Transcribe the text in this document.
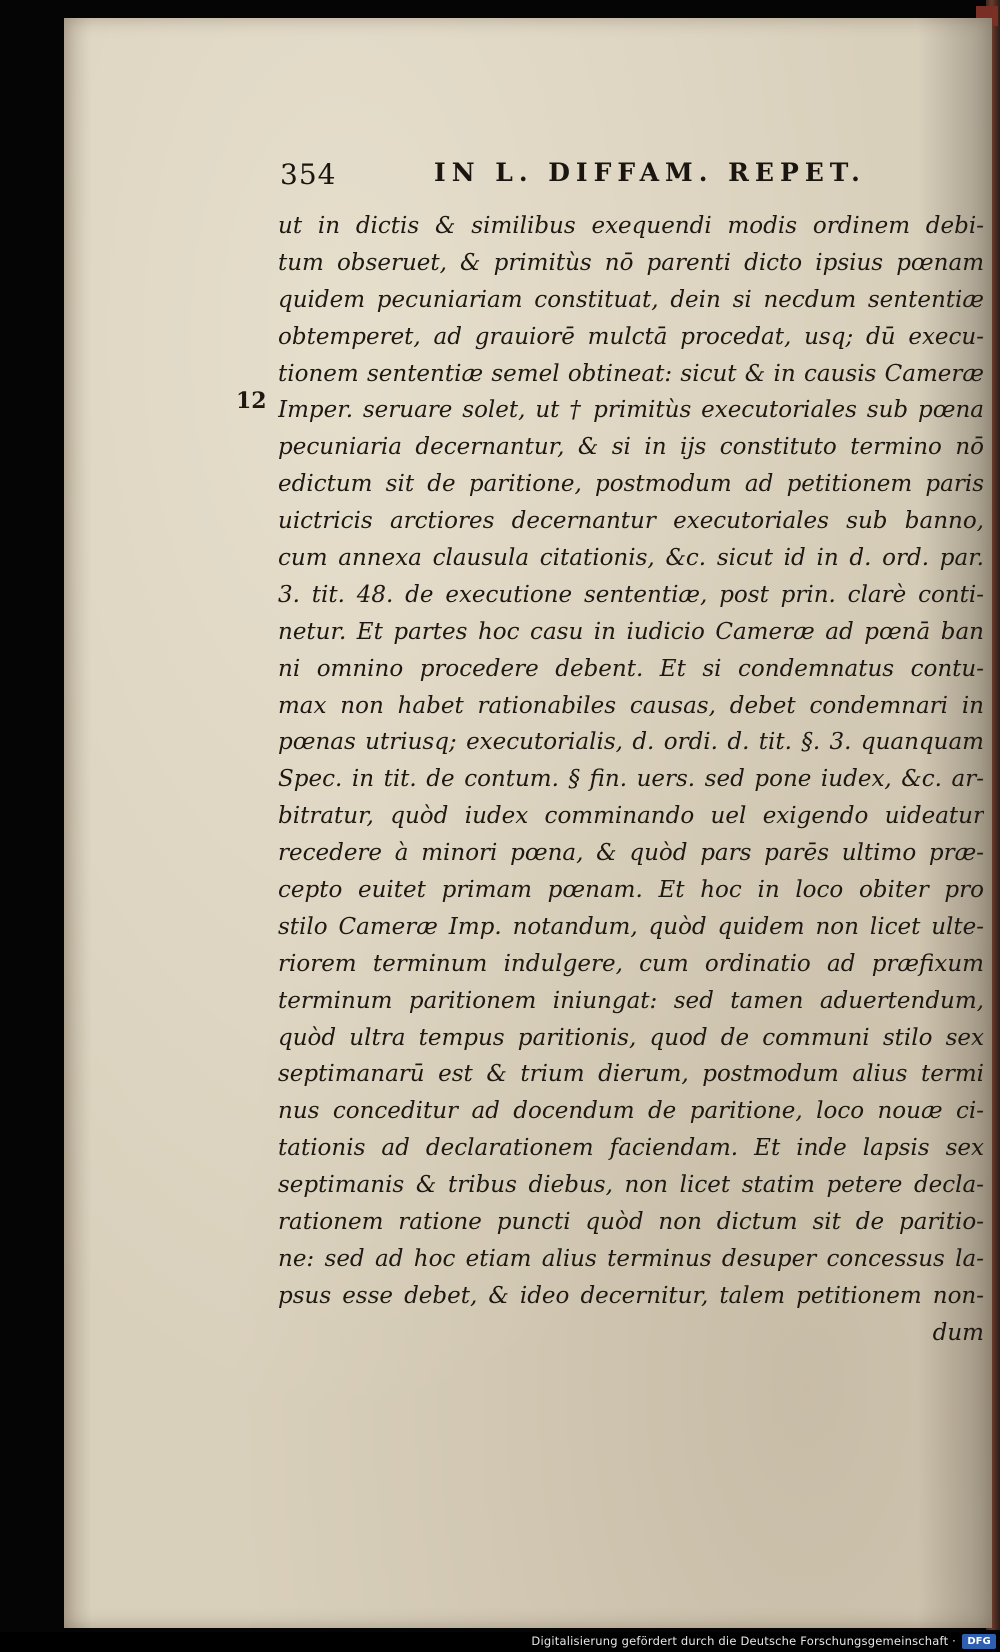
354	IN L. DIFFAM. REPET.
12
ut in dictis & similibus exequendi modis ordinem debi-
tum obseruet, & primitùs nō parenti dicto ipsius pœnam
quidem pecuniariam constituat, dein si necdum sententiæ
obtemperet, ad grauiorē mulctā procedat, usq; dū execu-
tionem sententiæ semel obtineat: sicut & in causis Cameræ
Imper. seruare solet, ut † primitùs executoriales sub pœna
pecuniaria decernantur, & si in ijs constituto termino nō
edictum sit de paritione, postmodum ad petitionem paris
uictricis arctiores decernantur executoriales sub banno,
cum annexa clausula citationis, &c. sicut id in d. ord. par.
3. tit. 48. de executione sententiæ, post prin. clarè conti-
netur. Et partes hoc casu in iudicio Cameræ ad pœnā ban
ni omnino procedere debent. Et si condemnatus contu-
max non habet rationabiles causas, debet condemnari in
pœnas utriusq; executorialis, d. ordi. d. tit. §. 3. quanquam
Spec. in tit. de contum. § fin. uers. sed pone iudex, &c. ar-
bitratur, quòd iudex comminando uel exigendo uideatur
recedere à minori pœna, & quòd pars parēs ultimo præ-
cepto euitet primam pœnam. Et hoc in loco obiter pro
stilo Cameræ Imp. notandum, quòd quidem non licet ulte-
riorem terminum indulgere, cum ordinatio ad præfixum
terminum paritionem iniungat: sed tamen aduertendum,
quòd ultra tempus paritionis, quod de communi stilo sex
septimanarū est & trium dierum, postmodum alius termi
nus conceditur ad docendum de paritione, loco nouæ ci-
tationis ad declarationem faciendam. Et inde lapsis sex
septimanis & tribus diebus, non licet statim petere decla-
rationem ratione puncti quòd non dictum sit de paritio-
ne: sed ad hoc etiam alius terminus desuper concessus la-
psus esse debet, & ideo decernitur, talem petitionem non-
dum
Digitalisierung gefördert durch die Deutsche Forschungsgemeinschaft ·	DFG
